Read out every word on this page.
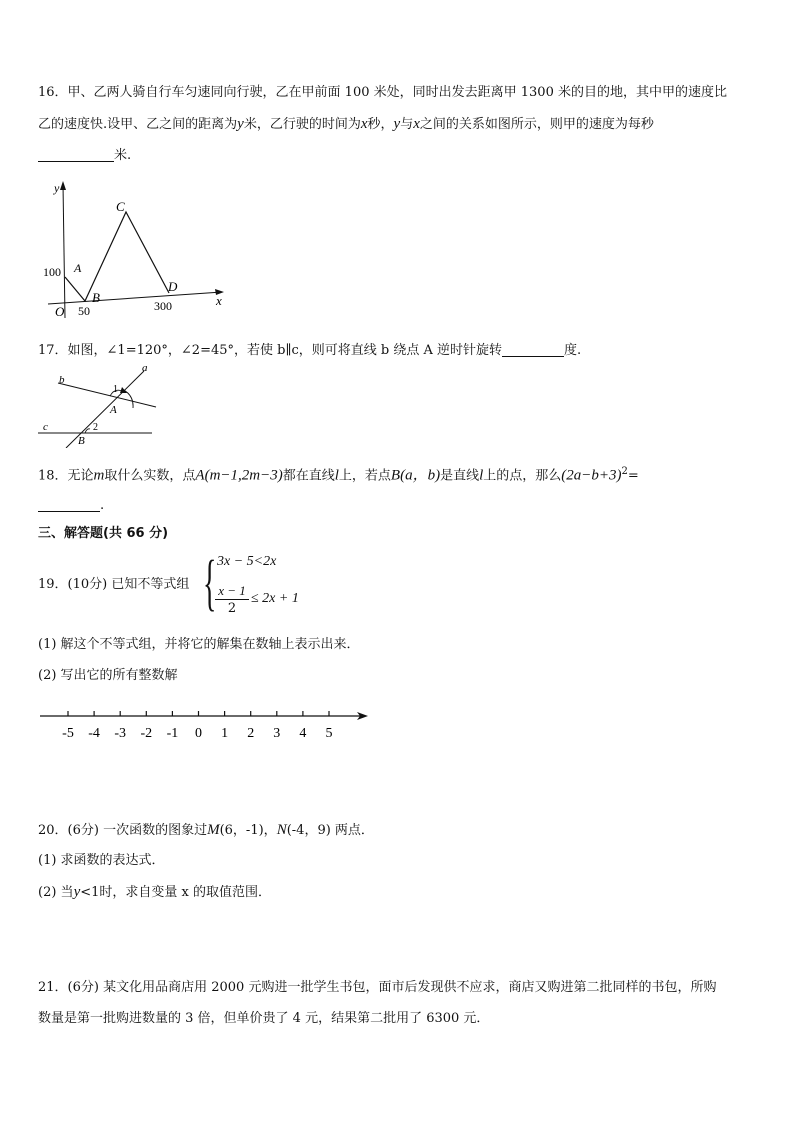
16．甲、乙两人骑自行车匀速同向行驶，乙在甲前面 100 米处，同时出发去距离甲 1300 米的目的地，其中甲的速度比
乙的速度快.设甲、乙之间的距离为y米，乙行驶的时间为x秒，y与x之间的关系如图所示，则甲的速度为每秒
米.
y
x
O
100
50	300
A
B
C
D
17．如图，∠1=120°，∠2=45°，若使 b∥c，则可将直线 b 绕点 A 逆时针旋转	度.
b
c
a
A
B
1
2
18．无论m取什么实数，点A(m−1,2m−3)都在直线l上，若点B(a，b)是直线l上的点，那么$(2a-b+3)^2=$
.
三、解答题(共 66 分)
19．(10分) 已知不等式组 { 3x − 5<2x
$\frac{x - 1}{2} \le 2x + 1$
(1) 解这个不等式组，并将它的解集在数轴上表示出来．
(2) 写出它的所有整数解
-5 -4 -3 -2 -1 0 1 2 3 4 5
20．(6分) 一次函数的图象过M(6，-1)，N(-4，9) 两点．
(1) 求函数的表达式．
(2) 当y<1时，求自变量 x 的取值范围．
21．(6分) 某文化用品商店用 2000 元购进一批学生书包，面市后发现供不应求，商店又购进第二批同样的书包，所购
数量是第一批购进数量的 3 倍，但单价贵了 4 元，结果第二批用了 6300 元．
